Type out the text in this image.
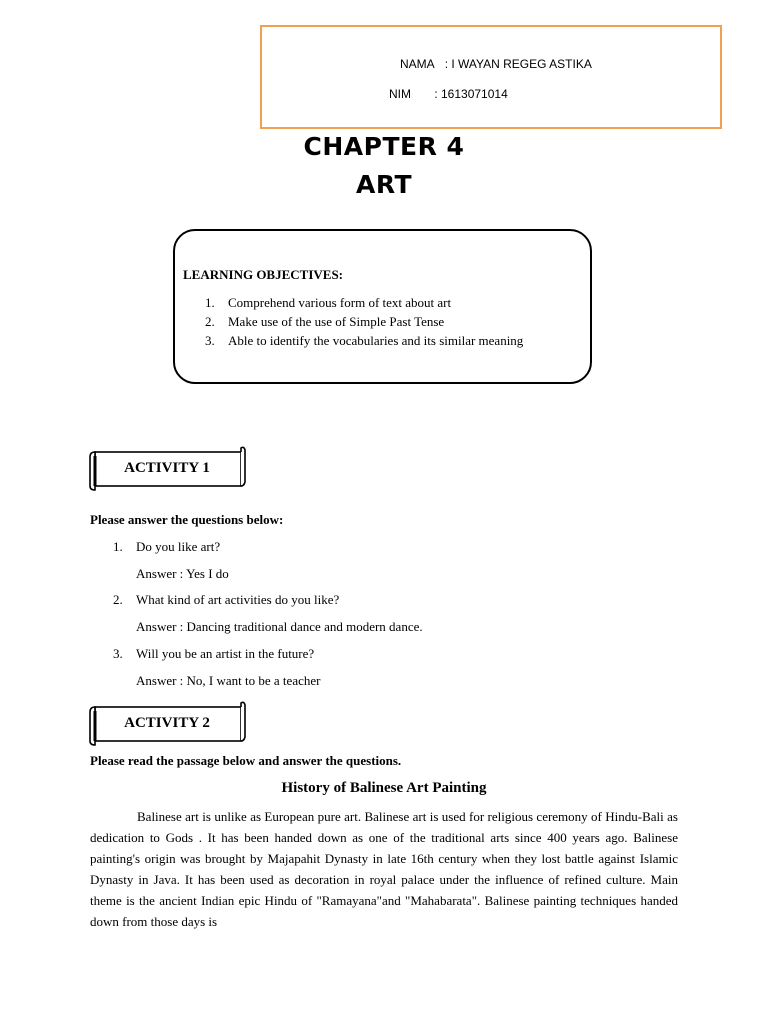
NAMA : I WAYAN REGEG ASTIKA
NIM : 1613071014
CHAPTER 4
ART
LEARNING OBJECTIVES:
1. Comprehend various form of text about art
2. Make use of the use of Simple Past Tense
3. Able to identify the vocabularies and its similar meaning
ACTIVITY 1
Please answer the questions below:
1. Do you like art?
Answer : Yes I do
2. What kind of art activities do you like?
Answer : Dancing traditional dance and modern dance.
3. Will you be an artist in the future?
Answer : No, I want to be a teacher
ACTIVITY 2
Please read the passage below and answer the questions.
History of Balinese Art Painting

Balinese art is unlike as European pure art. Balinese art is used for religious ceremony of Hindu-Bali as dedication to Gods . It has been handed down as one of the traditional arts since 400 years ago. Balinese painting's origin was brought by Majapahit Dynasty in late 16th century when they lost battle against Islamic Dynasty in Java. It has been used as decoration in royal palace under the influence of refined culture. Main theme is the ancient Indian epic Hindu of "Ramayana"and "Mahabarata". Balinese painting techniques handed down from those days is
